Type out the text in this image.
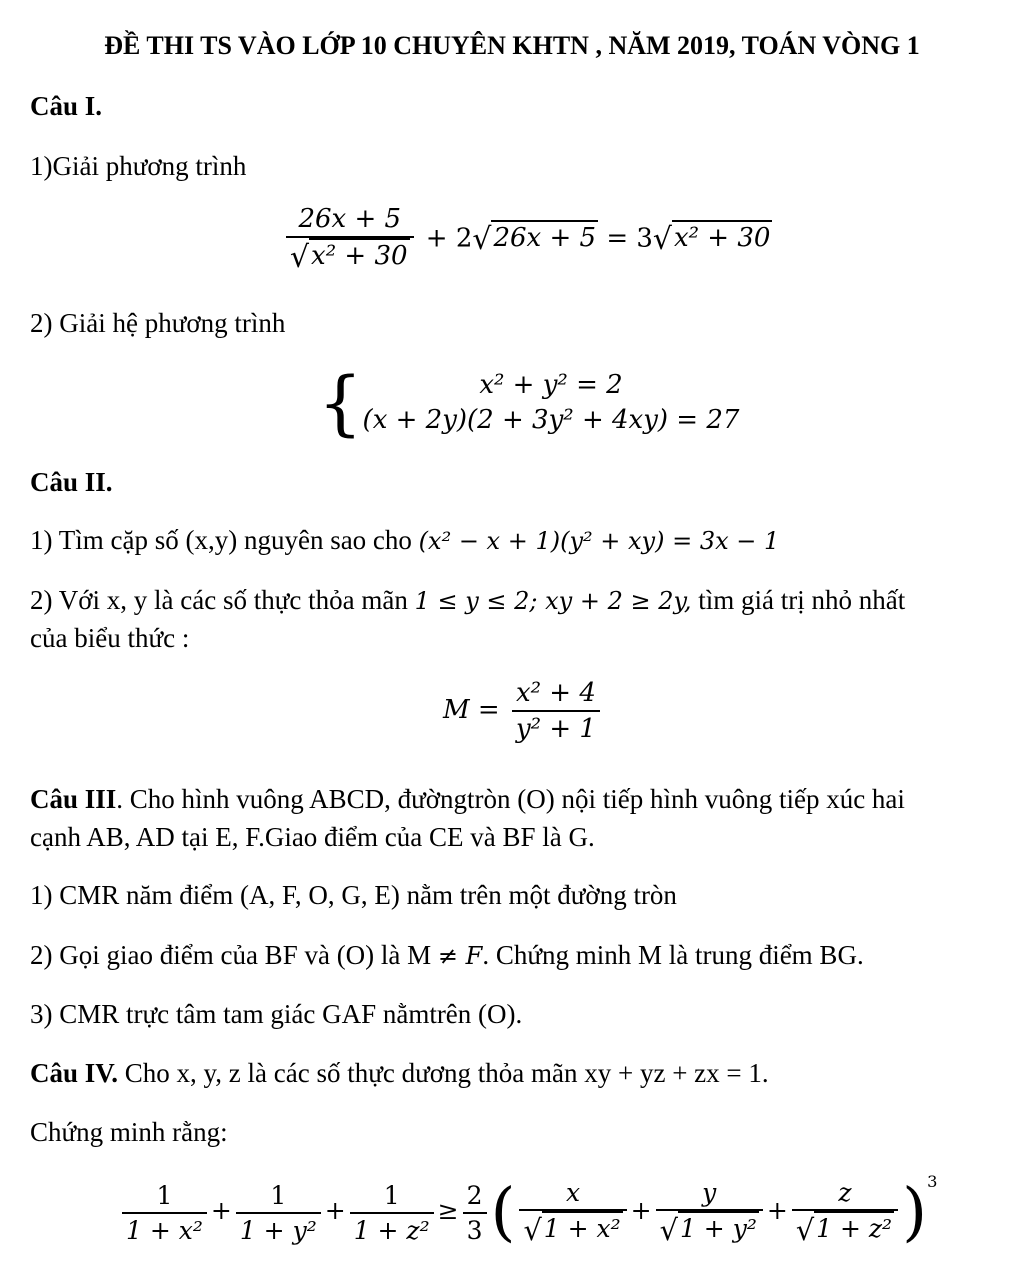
ĐỀ THI TS VÀO LỚP 10 CHUYÊN KHTN , NĂM 2019, TOÁN VÒNG 1
Câu I.
1)Giải phương trình
$\frac{26x + 5}{\text{√x² + 30}} + 2√26x + 5 = 3√x^2 + 30$
2) Giải hệ phương trình
{	x² + y² = 2
(x + 2y)(2 + 3y² + 4xy) = 27
Câu II.
1) Tìm cặp số (x,y) nguyên sao cho (x² − x + 1)(y² + xy) = 3x − 1
2) Với x, y là các số thực thỏa mãn 1 ≤ y ≤ 2; xy + 2 ≥ 2y, tìm giá trị nhỏ nhất
của biểu thức :
$M = \frac{\text{x² + 4}}{\text{y² + 1}}$
Câu III. Cho hình vuông ABCD, đườngtròn (O) nội tiếp hình vuông tiếp xúc hai
cạnh AB, AD tại E, F.Giao điểm của CE và BF là G.
1) CMR năm điểm (A, F, O, G, E) nằm trên một đường tròn
2) Gọi giao điểm của BF và (O) là M ≠ F. Chứng minh M là trung điểm BG.
3) CMR trực tâm tam giác GAF nằmtrên (O).
Câu IV. Cho x, y, z là các số thực dương thỏa mãn xy + yz + zx = 1.
Chứng minh rằng:
$\frac{1}{\text{1 + x²}} + \frac{1}{\text{1 + y²}} + \frac{1}{\text{1 + z²}} \ge \frac{2}{3}$ ( $\frac{x}{\text{√1 + x²}} + \frac{y}{\text{√1 + y²}} + \frac{z}{\text{√1 + z²}} )^3$
